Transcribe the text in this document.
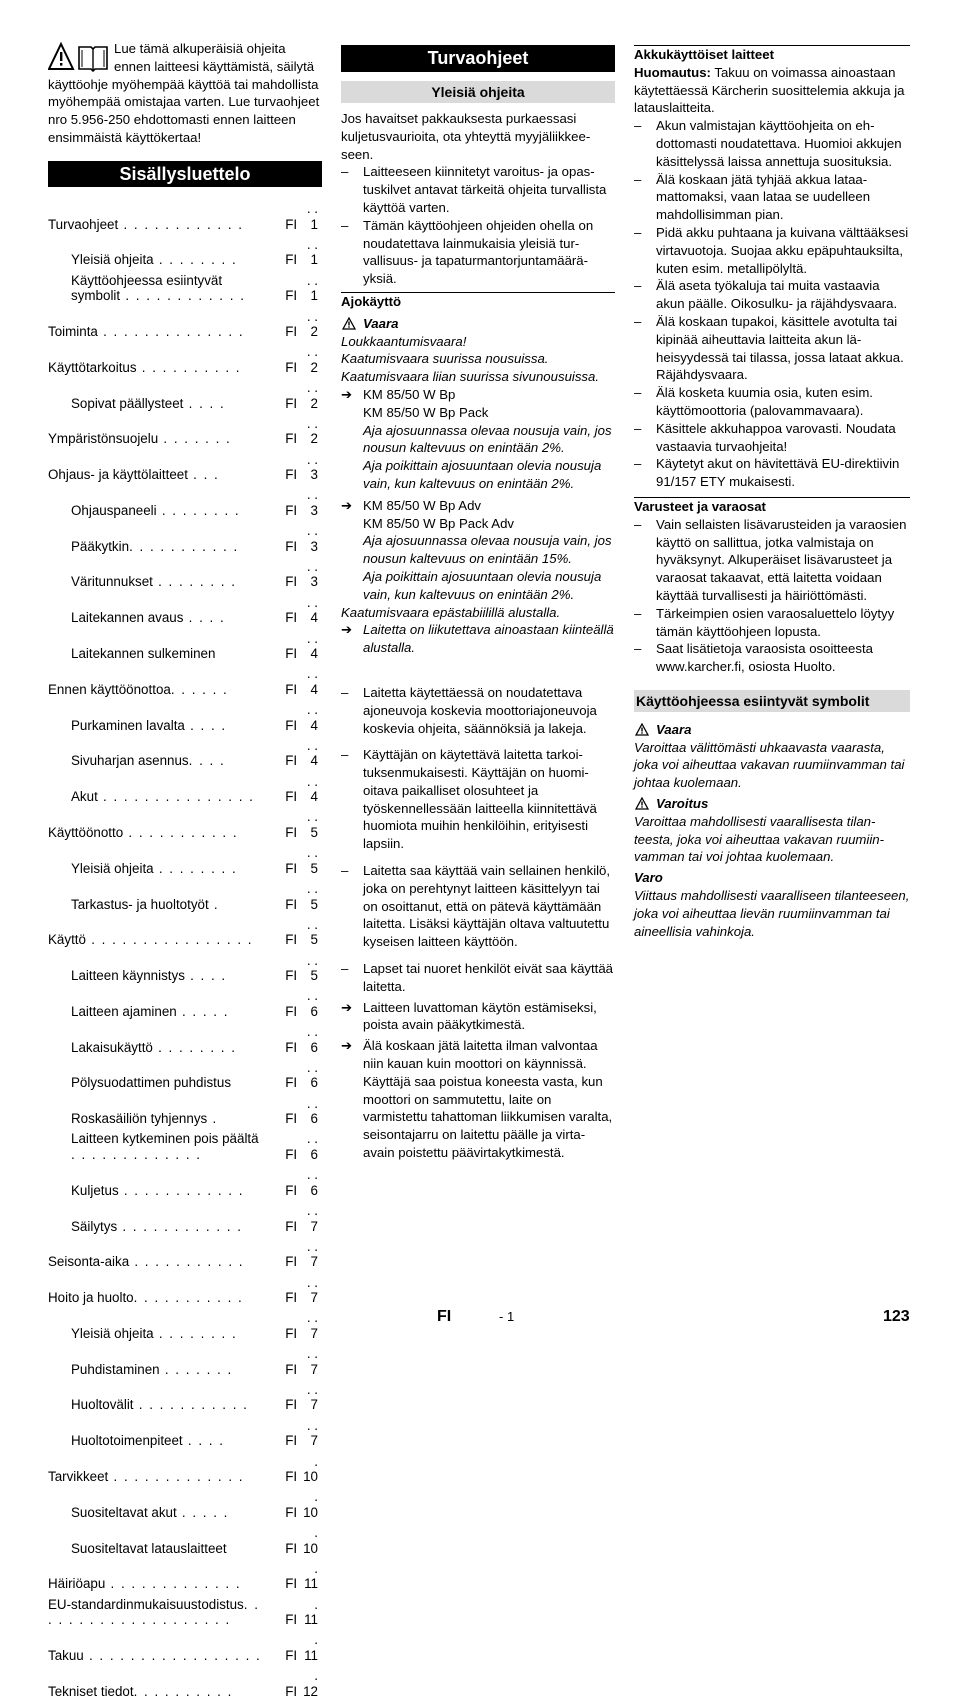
Lue tämä alkuperäisiä ohjeita ennen laitteesi käyttämistä, säilytä käyttöohje myöhempää käyttöä tai mahdollista myöhempää omistajaa varten. Lue turvaohjeet nro 5.956-250 ehdottomasti ennen laitteen ensimmäistä käyttökertaa!
Sisällysluettelo
Turvaohjeet . . . . . . . . . . . .	FI	. . 1
Yleisiä ohjeita . . . . . . . .	FI	. . 1
Käyttöohjeessa esiintyvät symbolit . . . . . . . . . . . .	FI	. . 1
Toiminta . . . . . . . . . . . . . .	FI	. . 2
Käyttötarkoitus . . . . . . . . . .	FI	. . 2
Sopivat päällysteet . . . .	FI	. . 2
Ympäristönsuojelu . . . . . . .	FI	. . 2
Ohjaus- ja käyttölaitteet . . .	FI	. . 3
Ohjauspaneeli . . . . . . . .	FI	. . 3
Pääkytkin. . . . . . . . . . .	FI	. . 3
Väritunnukset . . . . . . . .	FI	. . 3
Laitekannen avaus . . . .	FI	. . 4
Laitekannen sulkeminen	FI	. . 4
Ennen käyttöönottoa. . . . . .	FI	. . 4
Purkaminen lavalta . . . .	FI	. . 4
Sivuharjan asennus. . . .	FI	. . 4
Akut . . . . . . . . . . . . . . .	FI	. . 4
Käyttöönotto . . . . . . . . . . .	FI	. . 5
Yleisiä ohjeita . . . . . . . .	FI	. . 5
Tarkastus- ja huoltotyöt .	FI	. . 5
Käyttö . . . . . . . . . . . . . . . .	FI	. . 5
Laitteen käynnistys . . . .	FI	. . 5
Laitteen ajaminen . . . . .	FI	. . 6
Lakaisukäyttö . . . . . . . .	FI	. . 6
Pölysuodattimen puhdistus	FI	. . 6
Roskasäiliön tyhjennys .	FI	. . 6
Laitteen kytkeminen pois päältä . . . . . . . . . . . . .	FI	. . 6
Kuljetus . . . . . . . . . . . .	FI	. . 6
Säilytys . . . . . . . . . . . .	FI	. . 7
Seisonta-aika . . . . . . . . . . .	FI	. . 7
Hoito ja huolto. . . . . . . . . . .	FI	. . 7
Yleisiä ohjeita . . . . . . . .	FI	. . 7
Puhdistaminen . . . . . . .	FI	. . 7
Huoltovälit . . . . . . . . . . .	FI	. . 7
Huoltotoimenpiteet . . . .	FI	. . 7
Tarvikkeet . . . . . . . . . . . . .	FI	. 10
Suositeltavat akut . . . . .	FI	. 10
Suositeltavat latauslaitteet	FI	. 10
Häiriöapu . . . . . . . . . . . . .	FI	. 11
EU-standardinmukaisuustodistus. . . . . . . . . . . . . . . . . . . .	FI	. 11
Takuu . . . . . . . . . . . . . . . . .	FI	. 11
Tekniset tiedot. . . . . . . . . .	FI	. 12
Turvaohjeet
Yleisiä ohjeita

Jos havaitset pakkauksesta purkaessasi kuljetusvaurioita, ota yhteyttä myyjäliikkeeseen.

– Laitteeseen kiinnitetyt varoitus- ja opastuskilvet antavat tärkeitä ohjeita turvallista käyttöä varten.

– Tämän käyttöohjeen ohjeiden ohella on noudatettava lainmukaisia yleisiä turvallisuus- ja tapaturmantorjuntamääräyksiä.

Ajokäyttö

Vaara

Loukkaantumisvaara!

Kaatumisvaara suurissa nousuissa.

Kaatumisvaara liian suurissa sivunousuissa.

➔ KM 85/50 W Bp

KM 85/50 W Bp Pack

Aja ajosuunnassa olevaa nousuja vain, jos nousun kaltevuus on enintään 2%.

Aja poikittain ajosuuntaan olevia nousuja vain, kun kaltevuus on enintään 2%.

➔ KM 85/50 W Bp Adv

KM 85/50 W Bp Pack Adv

Aja ajosuunnassa olevaa nousuja vain, jos nousun kaltevuus on enintään 15%.

Aja poikittain ajosuuntaan olevia nousuja vain, kun kaltevuus on enintään 2%.

Kaatumisvaara epästabiilillä alustalla.

➔ Laitetta on liikutettava ainoastaan kiinteällä alustalla.

– Laitetta käytettäessä on noudatettava ajoneuvoja koskevia moottoriajoneuvoja koskevia ohjeita, säännöksiä ja lakeja.

– Käyttäjän on käytettävä laitetta tarkoituksenmukaisesti. Käyttäjän on huomioitava paikalliset olosuhteet ja työskennellessään laitteella kiinnitettävä huomiota muihin henkilöihin, erityisesti lapsiin.

– Laitetta saa käyttää vain sellainen henkilö, joka on perehtynyt laitteen käsittelyyn tai on osoittanut, että on pätevä käyttämään laitetta. Lisäksi käyttäjän oltava valtuutettu kyseisen laitteen käyttöön.

– Lapset tai nuoret henkilöt eivät saa käyttää laitetta.

➔ Laitteen luvattoman käytön estämiseksi, poista avain pääkytkimestä.

➔ Älä koskaan jätä laitetta ilman valvontaa niin kauan kuin moottori on käynnissä. Käyttäjä saa poistua koneesta vasta, kun moottori on sammutettu, laite on varmistettu tahattoman liikkumisen varalta, seisontajarru on laitettu päälle ja virta-avain poistettu päävirtakytkimestä.

Akkukäyttöiset laitteet

Huomautus: Takuu on voimassa ainoastaan käytettäessä Kärcherin suosittelemia akkuja ja latauslaitteita.

– Akun valmistajan käyttöohjeita on ehdottomasti noudatettava. Huomioi akkujen käsittelyssä laissa annettuja suosituksia.

– Älä koskaan jätä tyhjää akkua lataamattomaksi, vaan lataa se uudelleen mahdollisimman pian.

– Pidä akku puhtaana ja kuivana välttääksesi virtavuotoja. Suojaa akku epäpuhtauksilta, kuten esim. metallipölyltä.

– Älä aseta työkaluja tai muita vastaavia akun päälle. Oikosulku- ja räjähdysvaara.

– Älä koskaan tupakoi, käsittele avotulta tai kipinää aiheuttavia laitteita akun läheisyydessä tai tilassa, jossa lataat akkua. Räjähdysvaara.

– Älä kosketa kuumia osia, kuten esim. käyttömoottoria (palovammavaara).

– Käsittele akkuhappoa varovasti. Noudata vastaavia turvaohjeita!

– Käytetyt akut on hävitettävä EU-direktiivin 91/157 ETY mukaisesti.

Varusteet ja varaosat

– Vain sellaisten lisävarusteiden ja varaosien käyttö on sallittua, jotka valmistaja on hyväksynyt. Alkuperäiset lisävarusteet ja varaosat takaavat, että laitetta voidaan käyttää turvallisesti ja häiriöttömästi.

– Tärkeimpien osien varaosaluettelo löytyy tämän käyttöohjeen lopusta.

– Saat lisätietoja varaosista osoitteesta www.karcher.fi, osiosta Huolto.

Käyttöohjeessa esiintyvät symbolit

Vaara

Varoittaa välittömästi uhkaavasta vaarasta, joka voi aiheuttaa vakavan ruumiinvamman tai johtaa kuolemaan.

Varoitus

Varoittaa mahdollisesti vaarallisesta tilanteesta, joka voi aiheuttaa vakavan ruumiinvamman tai voi johtaa kuolemaan.

Varo

Viittaus mahdollisesti vaaralliseen tilanteeseen, joka voi aiheuttaa lievän ruumiinvamman tai aineellisia vahinkoja.

FI	- 1	123
